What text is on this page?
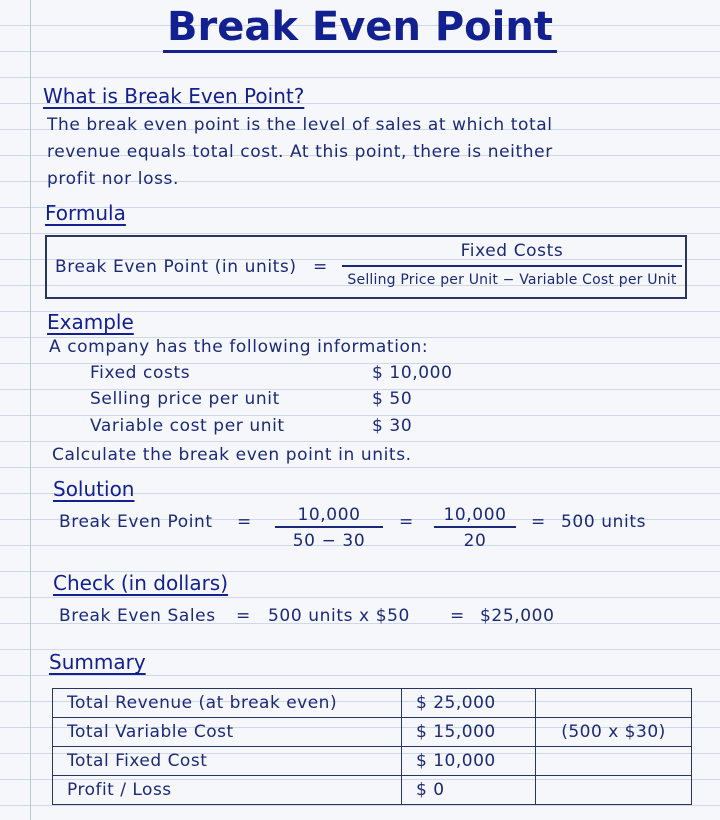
Break Even Point
What is Break Even Point?
The break even point is the level of sales at which total
revenue equals total cost. At this point, there is neither
profit nor loss.
Formula
Break Even Point (in units) =
Fixed Costs
Selling Price per Unit − Variable Cost per Unit
Example
A company has the following information:
Fixed costs	$ 10,000
Selling price per unit	$ 50
Variable cost per unit	$ 30
Calculate the break even point in units.
Solution
Break Even Point =	10,000
50 − 30
=	10,000
20
= 500 units
Check (in dollars)
Break Even Sales = 500 units x $50 = $25,000
Summary
Total Revenue (at break even)	$ 25,000	
Total Variable Cost	$ 15,000	(500 x $30)
Total Fixed Cost	$ 10,000	
Profit / Loss	$ 0	
